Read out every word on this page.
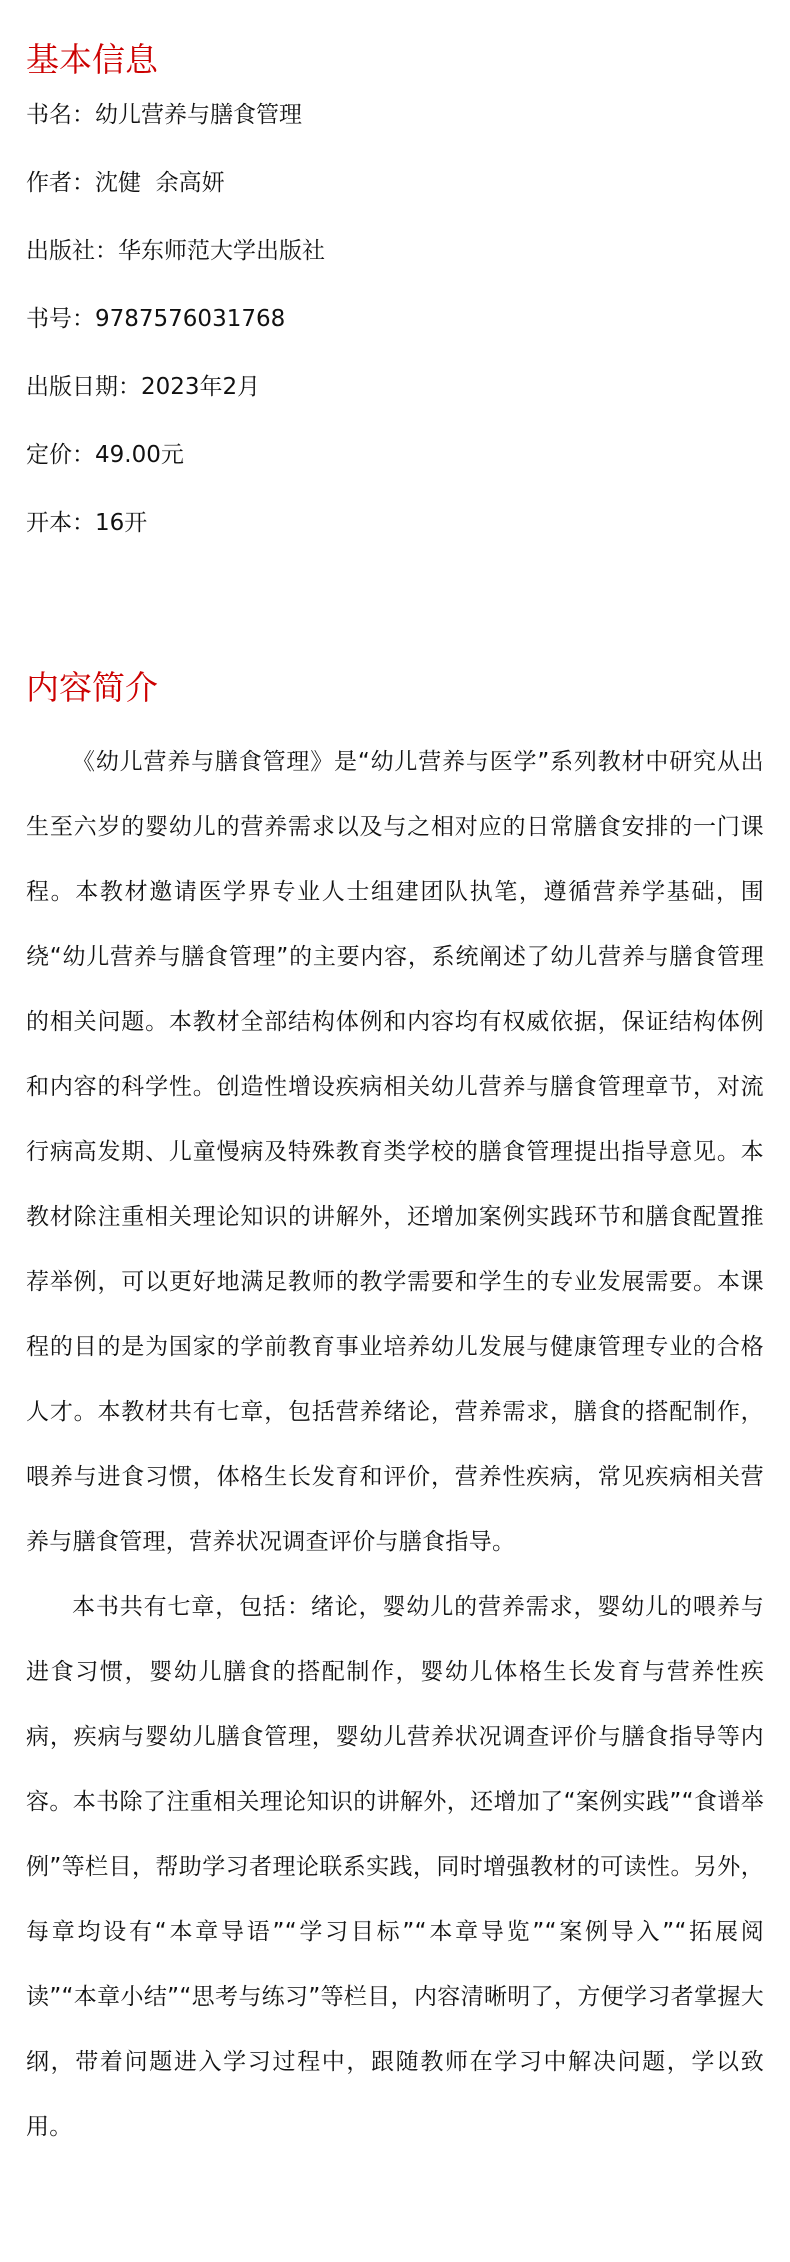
基本信息
书名：幼儿营养与膳食管理
作者：沈健  余高妍
出版社：华东师范大学出版社
书号：9787576031768
出版日期：2023年2月
定价：49.00元
开本：16开
内容简介

《幼儿营养与膳食管理》是“幼儿营养与医学”系列教材中研究从出生至六岁的婴幼儿的营养需求以及与之相对应的日常膳食安排的一门课程。本教材邀请医学界专业人士组建团队执笔，遵循营养学基础，围绕“幼儿营养与膳食管理”的主要内容，系统阐述了幼儿营养与膳食管理的相关问题。本教材全部结构体例和内容均有权威依据，保证结构体例和内容的科学性。创造性增设疾病相关幼儿营养与膳食管理章节，对流行病高发期、儿童慢病及特殊教育类学校的膳食管理提出指导意见。本教材除注重相关理论知识的讲解外，还增加案例实践环节和膳食配置推荐举例，可以更好地满足教师的教学需要和学生的专业发展需要。本课程的目的是为国家的学前教育事业培养幼儿发展与健康管理专业的合格人才。本教材共有七章，包括营养绪论，营养需求，膳食的搭配制作，喂养与进食习惯，体格生长发育和评价，营养性疾病，常见疾病相关营养与膳食管理，营养状况调查评价与膳食指导。

本书共有七章，包括：绪论，婴幼儿的营养需求，婴幼儿的喂养与进食习惯，婴幼儿膳食的搭配制作，婴幼儿体格生长发育与营养性疾病，疾病与婴幼儿膳食管理，婴幼儿营养状况调查评价与膳食指导等内容。本书除了注重相关理论知识的讲解外，还增加了“案例实践”“食谱举例”等栏目，帮助学习者理论联系实践，同时增强教材的可读性。另外，每章均设有“本章导语”“学习目标”“本章导览”“案例导入”“拓展阅读”“本章小结”“思考与练习”等栏目，内容清晰明了，方便学习者掌握大纲，带着问题进入学习过程中，跟随教师在学习中解决问题，学以致用。
